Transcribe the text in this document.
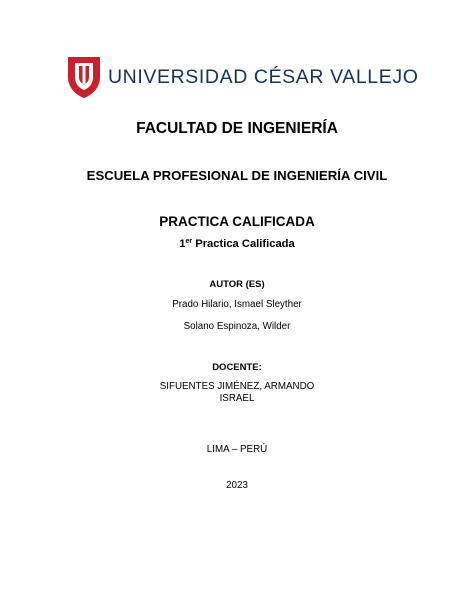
UNIVERSIDAD CÉSAR VALLEJO
FACULTAD DE INGENIERÍA
ESCUELA PROFESIONAL DE INGENIERÍA CIVIL
PRACTICA CALIFICADA
1er Practica Calificada
AUTOR (ES)
Prado Hilario, Ismael Sleyther
Solano Espinoza, Wilder
DOCENTE:
SIFUENTES JIMÉNEZ, ARMANDO
ISRAEL
LIMA – PERÚ
2023
